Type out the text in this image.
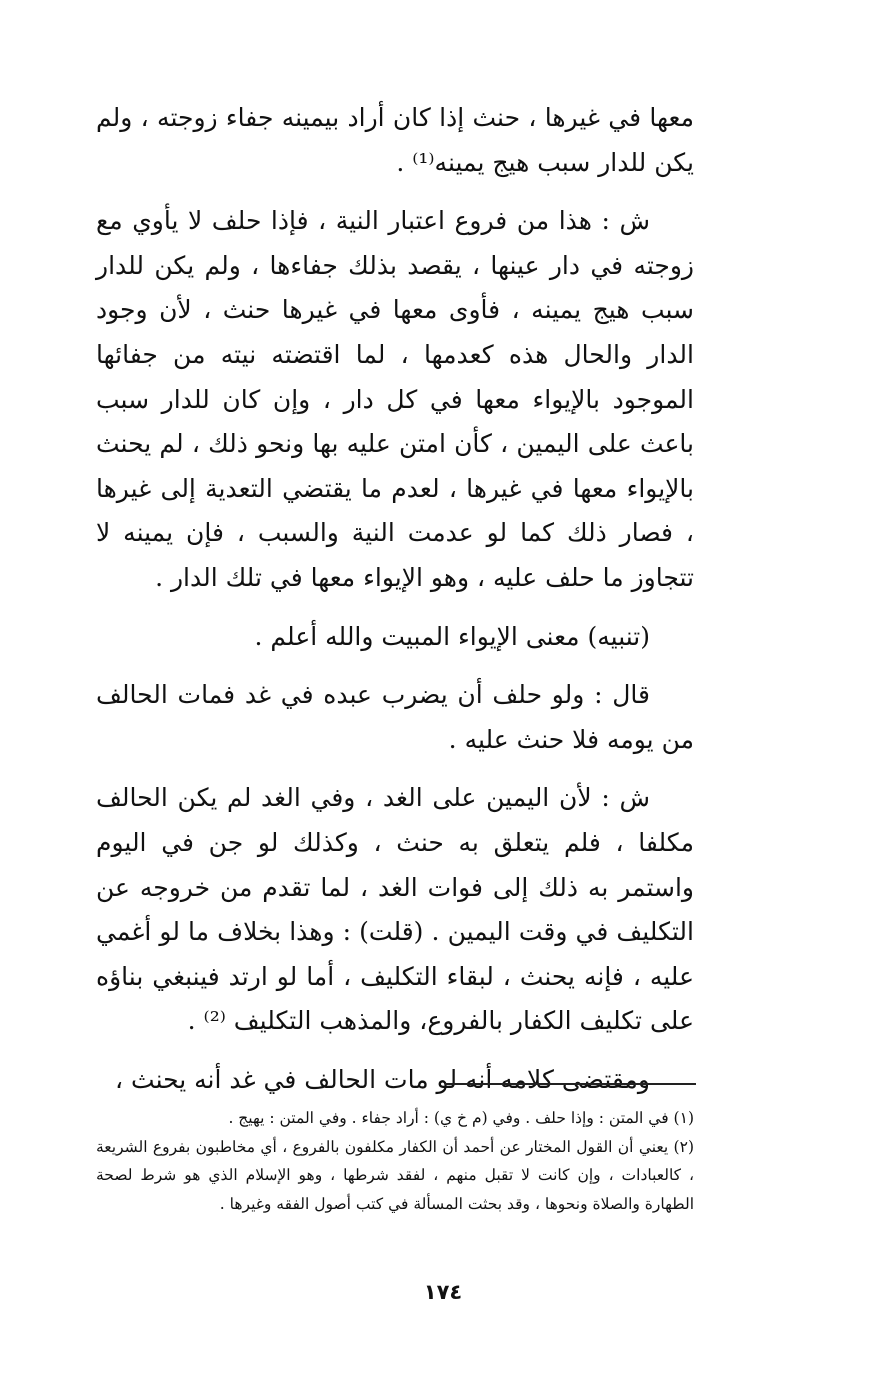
معها في غيرها ، حنث إذا كان أراد بيمينه جفاء زوجته ، ولم يكن للدار سبب هيج يمينه⁽¹⁾ .

ش : هذا من فروع اعتبار النية ، فإذا حلف لا يأوي مع زوجته في دار عينها ، يقصد بذلك جفاءها ، ولم يكن للدار سبب هيج يمينه ، فأوى معها في غيرها حنث ، لأن وجود الدار والحال هذه كعدمها ، لما اقتضته نيته من جفائها الموجود بالإيواء معها في كل دار ، وإن كان للدار سبب باعث على اليمين ، كأن امتن عليه بها ونحو ذلك ، لم يحنث بالإيواء معها في غيرها ، لعدم ما يقتضي التعدية إلى غيرها ، فصار ذلك كما لو عدمت النية والسبب ، فإن يمينه لا تتجاوز ما حلف عليه ، وهو الإيواء معها في تلك الدار .

(تنبيه) معنى الإيواء المبيت والله أعلم .

قال : ولو حلف أن يضرب عبده في غد فمات الحالف من يومه فلا حنث عليه .

ش : لأن اليمين على الغد ، وفي الغد لم يكن الحالف مكلفا ، فلم يتعلق به حنث ، وكذلك لو جن في اليوم واستمر به ذلك إلى فوات الغد ، لما تقدم من خروجه عن التكليف في وقت اليمين . (قلت) : وهذا بخلاف ما لو أغمي عليه ، فإنه يحنث ، لبقاء التكليف ، أما لو ارتد فينبغي بناؤه على تكليف الكفار بالفروع، والمذهب التكليف ⁽²⁾ .

ومقتضى كلامه أنه لو مات الحالف في غد أنه يحنث ،

(١) في المتن : وإذا حلف . وفي (م خ ي) : أراد جفاء . وفي المتن : يهيج .

(٢) يعني أن القول المختار عن أحمد أن الكفار مكلفون بالفروع ، أي مخاطبون بفروع الشريعة ، كالعبادات ، وإن كانت لا تقبل منهم ، لفقد شرطها ، وهو الإسلام الذي هو شرط لصحة الطهارة والصلاة ونحوها ، وقد بحثت المسألة في كتب أصول الفقه وغيرها .

١٧٤
